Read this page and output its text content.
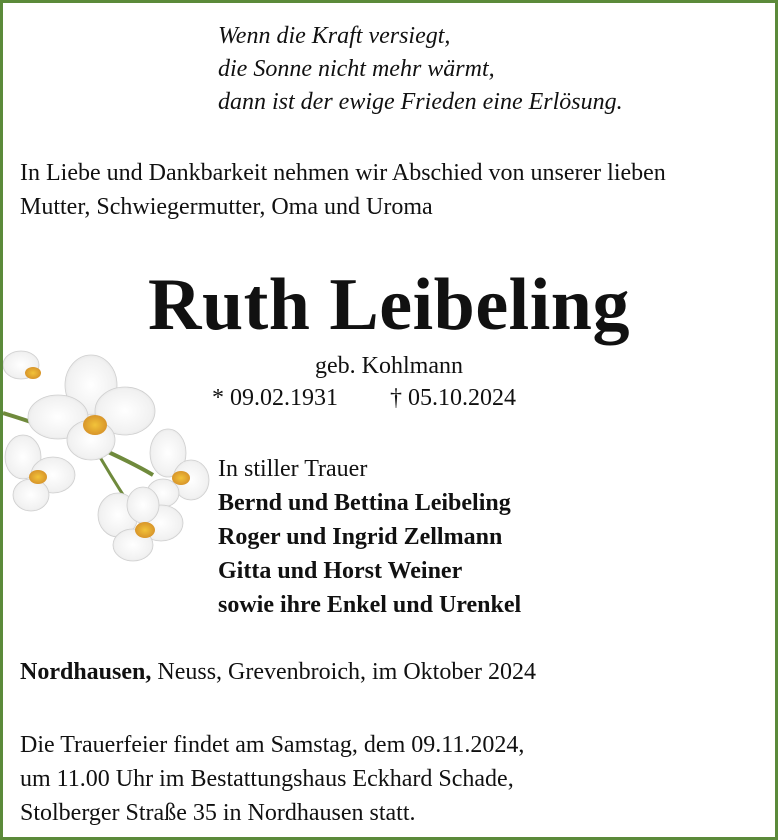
Wenn die Kraft versiegt,
die Sonne nicht mehr wärmt,
dann ist der ewige Frieden eine Erlösung.
In Liebe und Dankbarkeit nehmen wir Abschied von unserer lieben
Mutter, Schwiegermutter, Oma und Uroma
Ruth Leibeling
geb. Kohlmann
* 09.02.1931 † 05.10.2024
In stiller Trauer
Bernd und Bettina Leibeling
Roger und Ingrid Zellmann
Gitta und Horst Weiner
sowie ihre Enkel und Urenkel
Nordhausen, Neuss, Grevenbroich, im Oktober 2024
Die Trauerfeier findet am Samstag, dem 09.11.2024,
um 11.00 Uhr im Bestattungshaus Eckhard Schade,
Stolberger Straße 35 in Nordhausen statt.
